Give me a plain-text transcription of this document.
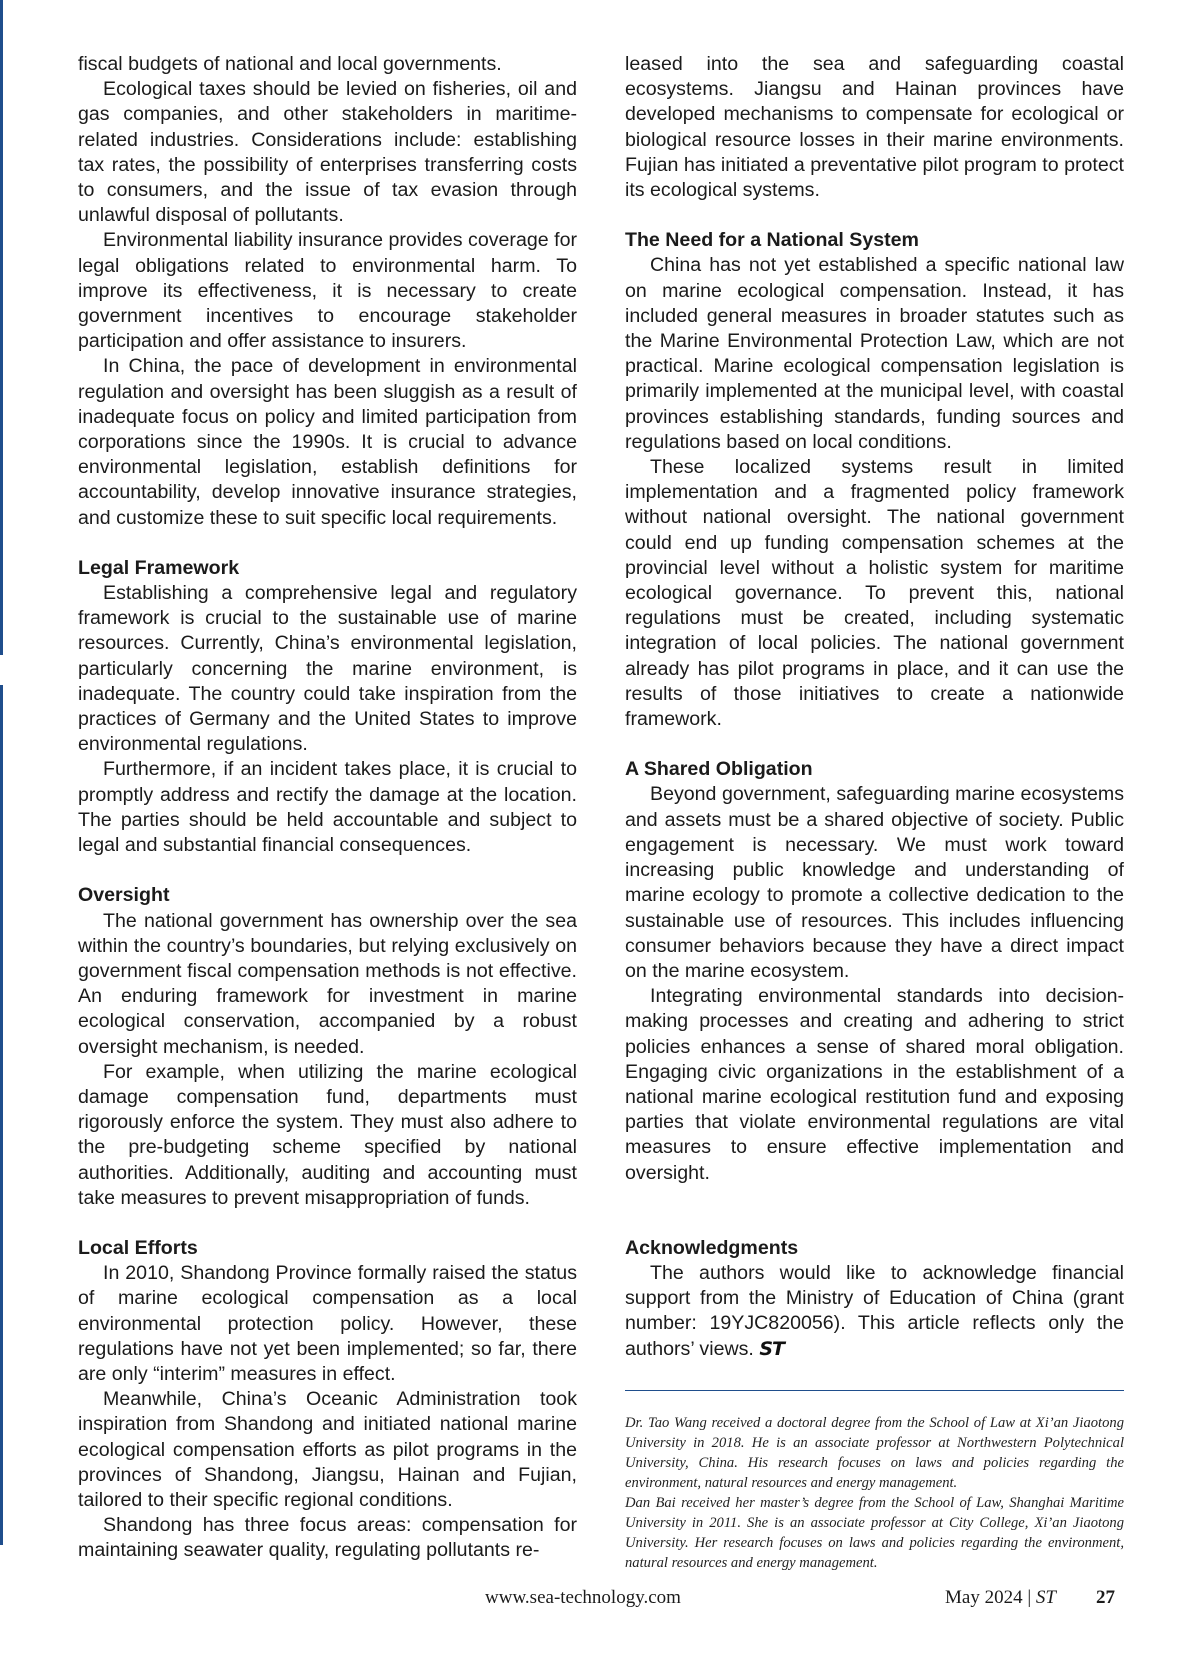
fiscal budgets of national and local governments.

Ecological taxes should be levied on fisheries, oil and gas companies, and other stakeholders in maritime-related industries. Considerations include: establishing tax rates, the possibility of enterprises transferring costs to consumers, and the issue of tax evasion through unlawful disposal of pollutants.

Environmental liability insurance provides coverage for legal obligations related to environmental harm. To improve its effectiveness, it is necessary to create government incentives to encourage stakeholder participation and offer assistance to insurers.

In China, the pace of development in environmental regulation and oversight has been sluggish as a result of inadequate focus on policy and limited participation from corporations since the 1990s. It is crucial to advance environmental legislation, establish definitions for accountability, develop innovative insurance strategies, and customize these to suit specific local requirements.

Legal Framework

Establishing a comprehensive legal and regulatory framework is crucial to the sustainable use of marine resources. Currently, China’s environmental legislation, particularly concerning the marine environment, is inadequate. The country could take inspiration from the practices of Germany and the United States to improve environmental regulations.

Furthermore, if an incident takes place, it is crucial to promptly address and rectify the damage at the location. The parties should be held accountable and subject to legal and substantial financial consequences.

Oversight

The national government has ownership over the sea within the country’s boundaries, but relying exclusively on government fiscal compensation methods is not effective. An enduring framework for investment in marine ecological conservation, accompanied by a robust oversight mechanism, is needed.

For example, when utilizing the marine ecological damage compensation fund, departments must rigorously enforce the system. They must also adhere to the pre-budgeting scheme specified by national authorities. Additionally, auditing and accounting must take measures to prevent misappropriation of funds.

Local Efforts

In 2010, Shandong Province formally raised the status of marine ecological compensation as a local environmental protection policy. However, these regulations have not yet been implemented; so far, there are only “interim” measures in effect.

Meanwhile, China’s Oceanic Administration took inspiration from Shandong and initiated national marine ecological compensation efforts as pilot programs in the provinces of Shandong, Jiangsu, Hainan and Fujian, tailored to their specific regional conditions.

Shandong has three focus areas: compensation for maintaining seawater quality, regulating pollutants re-

leased into the sea and safeguarding coastal ecosystems. Jiangsu and Hainan provinces have developed mechanisms to compensate for ecological or biological resource losses in their marine environments. Fujian has initiated a preventative pilot program to protect its ecological systems.

The Need for a National System

China has not yet established a specific national law on marine ecological compensation. Instead, it has included general measures in broader statutes such as the Marine Environmental Protection Law, which are not practical. Marine ecological compensation legislation is primarily implemented at the municipal level, with coastal provinces establishing standards, funding sources and regulations based on local conditions.

These localized systems result in limited implementation and a fragmented policy framework without national oversight. The national government could end up funding compensation schemes at the provincial level without a holistic system for maritime ecological governance. To prevent this, national regulations must be created, including systematic integration of local policies. The national government already has pilot programs in place, and it can use the results of those initiatives to create a nationwide framework.

A Shared Obligation

Beyond government, safeguarding marine ecosystems and assets must be a shared objective of society. Public engagement is necessary. We must work toward increasing public knowledge and understanding of marine ecology to promote a collective dedication to the sustainable use of resources. This includes influencing consumer behaviors because they have a direct impact on the marine ecosystem.

Integrating environmental standards into decision-making processes and creating and adhering to strict policies enhances a sense of shared moral obligation. Engaging civic organizations in the establishment of a national marine ecological restitution fund and exposing parties that violate environmental regulations are vital measures to ensure effective implementation and oversight.

Acknowledgments

The authors would like to acknowledge financial support from the Ministry of Education of China (grant number: 19YJC820056). This article reflects only the authors’ views. ST

Dr. Tao Wang received a doctoral degree from the School of Law at Xi’an Jiaotong University in 2018. He is an associate professor at Northwestern Polytechnical University, China. His research focuses on laws and policies regarding the environment, natural resources and energy management.

Dan Bai received her master’s degree from the School of Law, Shanghai Maritime University in 2011. She is an associate professor at City College, Xi’an Jiaotong University. Her research focuses on laws and policies regarding the environment, natural resources and energy management.

www.sea-technology.com	May 2024 | ST 27
